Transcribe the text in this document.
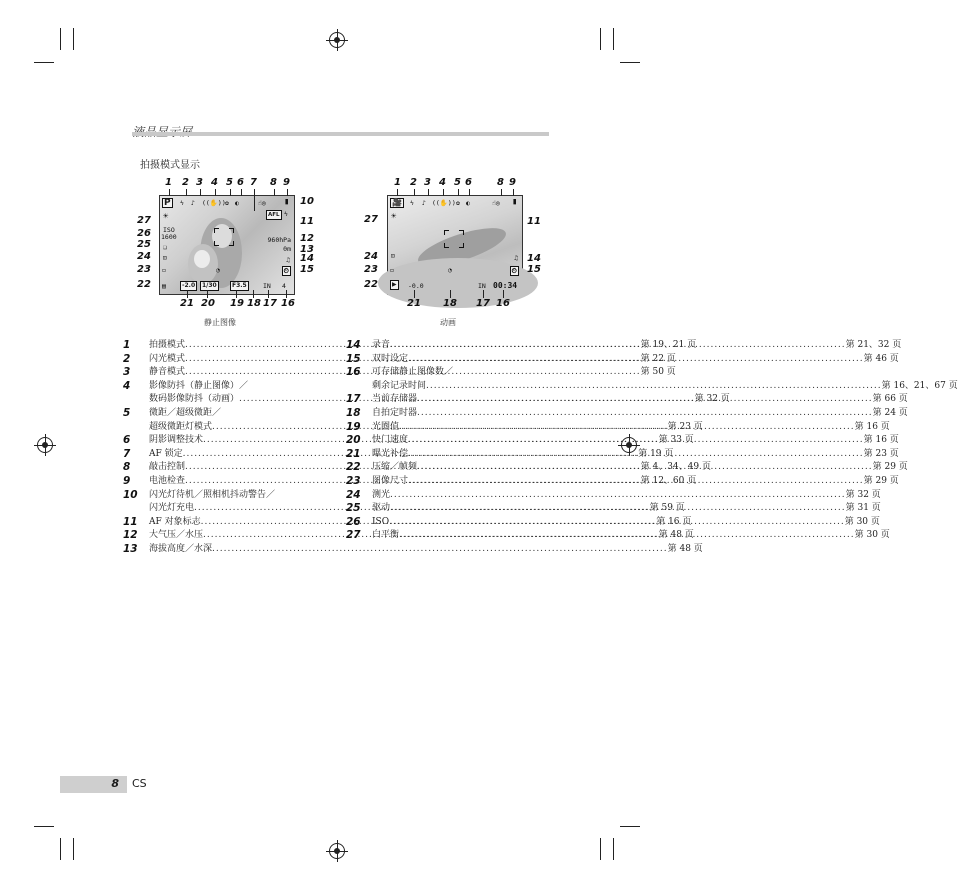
拍摄模式显示
P	ϟ ♪ ((✋)) ✿ ◐	☝◎ ▮
AFL ϟ
☀
ISO
1600
❏
⊡
▭
▤
960hPa
0m
♫
⏲
◔
-2.0	1/30	F3.5	IN 4
1 2 3 4 5 6 7 8 9
10
11
12
13
14
15
27
26
25
24
23
22
21 20 19 18 17 16
静止图像
🎥	ϟ ♪ ((✋)) ✿ ◐	☝◎ ▮
☀
⊡
▭
▶
♫
⏲
◔
-0.0	IN 00:34
1 2 3 4 5 6	8 9
11
14
15
27
24
23
22
21 18 17 16
动画
1	拍摄模式 .....	第 19、21 页
2	闪光模式 .....	第 22 页
3	静音模式 .....	第 50 页
4	影像防抖（静止图像）／
数码影像防抖（动画） .....	第 32 页
5	微距／超级微距／
超级微距灯模式 .....	第 23 页
6	阴影调整技术 .....	第 33 页
7	AF 锁定 .....	第 19 页
8	敲击控制 .....	第 4、34、49 页
9	电池检查 .....	第 12、60 页
10	闪光灯待机／照相机抖动警告／
闪光灯充电 .....	第 59 页
11	AF 对象标志 .....	第 16 页
12	大气压／水压 .....	第 48 页
13	海拔高度／水深 .....	第 48 页
14	录音 .....	第 21、32 页
15	双时设定 .....	第 46 页
16	可存储静止图像数／
剩余记录时间 .....	第 16、21、67 页
17	当前存储器 .....	第 66 页
18	自拍定时器 .....	第 24 页
19	光圈值 .....	第 16 页
20	快门速度 .....	第 16 页
21	曝光补偿 .....	第 23 页
22	压缩／帧频 .....	第 29 页
23	图像尺寸 .....	第 29 页
24	测光 .....	第 32 页
25	驱动 .....	第 31 页
26	ISO .....	第 30 页
27	白平衡 .....	第 30 页
8 CS
